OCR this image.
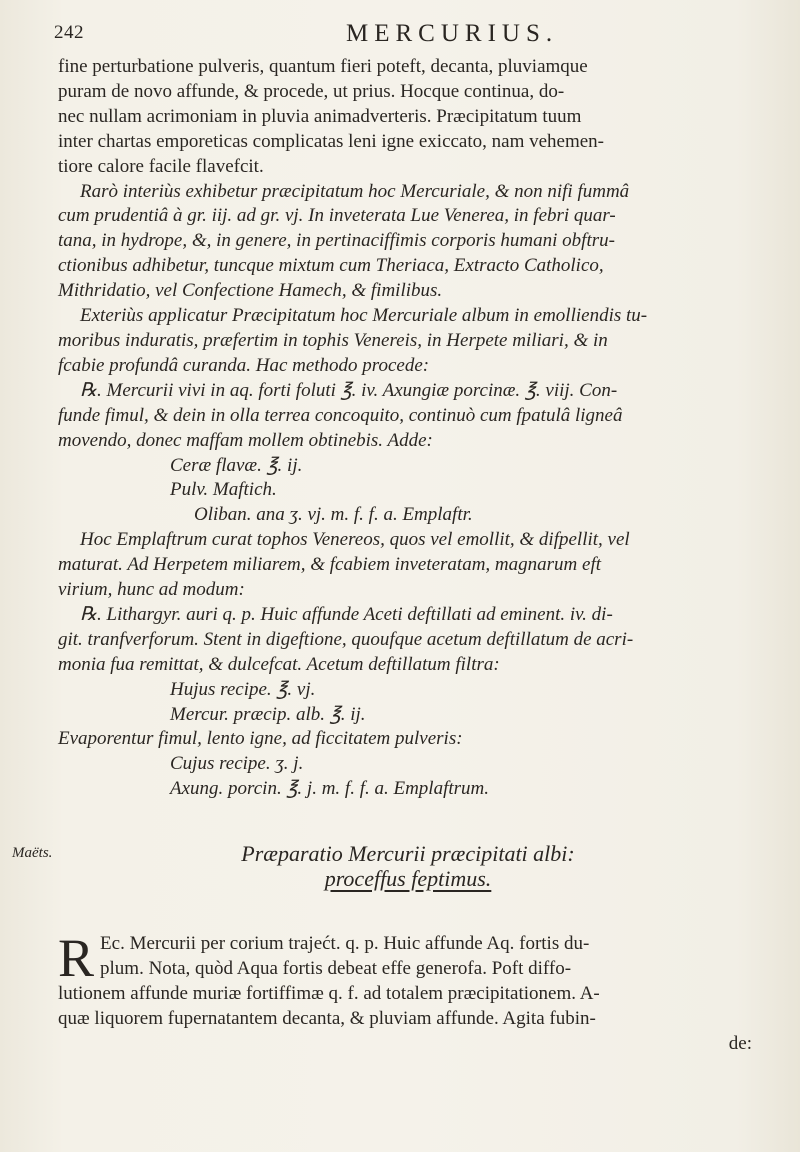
242	MERCURIUS.
fine perturbatione pulveris, quantum fieri poteft, decanta, pluviamque
puram de novo affunde, & procede, ut prius. Hocque continua, do-
nec nullam acrimoniam in pluvia animadverteris. Præcipitatum tuum
inter chartas emporeticas complicatas leni igne exiccato, nam vehemen-
tiore calore facile flavefcit.
Rarò interiùs exhibetur præcipitatum hoc Mercuriale, & non nifi fummâ
cum prudentiâ à gr. iij. ad gr. vj. In inveterata Lue Venerea, in febri quar-
tana, in hydrope, &, in genere, in pertinaciffimis corporis humani obftru-
ctionibus adhibetur, tuncque mixtum cum Theriaca, Extracto Catholico,
Mithridatio, vel Confectione Hamech, & fimilibus.
Exteriùs applicatur Præcipitatum hoc Mercuriale album in emolliendis tu-
moribus induratis, præfertim in tophis Venereis, in Herpete miliari, & in
fcabie profundâ curanda. Hac methodo procede:
℞. Mercurii vivi in aq. forti foluti ℥. iv. Axungiæ porcinæ. ℥. viij. Con-
funde fimul, & dein in olla terrea concoquito, continuò cum fpatulâ ligneâ
movendo, donec maffam mollem obtinebis. Adde:
Ceræ flavæ. ℥. ij.
Pulv. Maftich.
Oliban. ana ʒ. vj. m. f. f. a. Emplaftr.
Hoc Emplaftrum curat tophos Venereos, quos vel emollit, & difpellit, vel
maturat. Ad Herpetem miliarem, & fcabiem inveteratam, magnarum eft
virium, hunc ad modum:
℞. Lithargyr. auri q. p. Huic affunde Aceti deftillati ad eminent. iv. di-
git. tranfverforum. Stent in digeftione, quoufque acetum deftillatum de acri-
monia fua remittat, & dulcefcat. Acetum deftillatum filtra:
Hujus recipe. ℥. vj.
Mercur. præcip. alb. ℥. ij.
Evaporentur fimul, lento igne, ad ficcitatem pulveris:
Cujus recipe. ʒ. j.
Axung. porcin. ℥. j. m. f. f. a. Emplaftrum.
Præparatio Mercurii præcipitati albi:
proceffus feptimus.
R Ec. Mercurii per corium trajećt. q. p. Huic affunde Aq. fortis du-
plum. Nota, quòd Aqua fortis debeat effe generofa. Poft diffo-
lutionem affunde muriæ fortiffimæ q. f. ad totalem præcipitationem. A-
quæ liquorem fupernatantem decanta, & pluviam affunde. Agita fubin-
de:
Maëts.
